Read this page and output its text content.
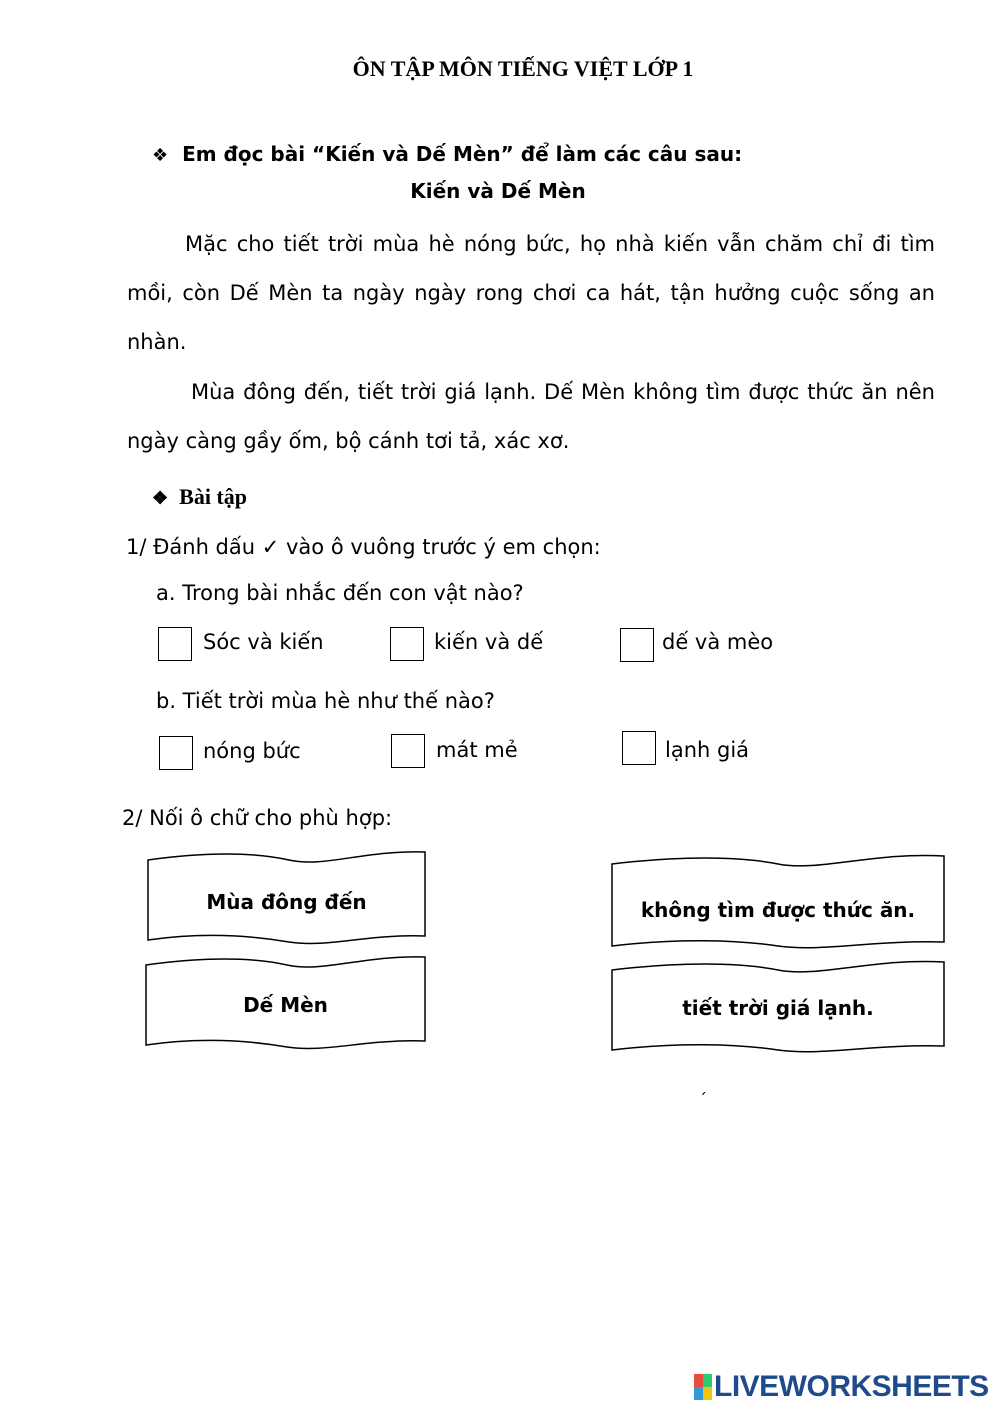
ÔN TẬP MÔN TIẾNG VIỆT LỚP 1
❖ Em đọc bài “Kiến và Dế Mèn” để làm các câu sau:
Kiến và Dế Mèn
Mặc cho tiết trời mùa hè nóng bức, họ nhà kiến vẫn chăm chỉ đi tìm mồi, còn Dế Mèn ta ngày ngày rong chơi ca hát, tận hưởng cuộc sống an nhàn.
Mùa đông đến, tiết trời giá lạnh. Dế Mèn không tìm được thức ăn nên ngày càng gầy ốm, bộ cánh tơi tả, xác xơ.
❖ Bài tập
1/ Đánh dấu ✓ vào ô vuông trước ý em chọn:
a. Trong bài nhắc đến con vật nào?
Sóc và kiến	kiến và dế	dế và mèo
b. Tiết trời mùa hè như thế nào?
nóng bức	mát mẻ	lạnh giá
2/ Nối ô chữ cho phù hợp:
Mùa đông đến
Dế Mèn
không tìm được thức ăn.
tiết trời giá lạnh.
´
LIVEWORKSHEETS
